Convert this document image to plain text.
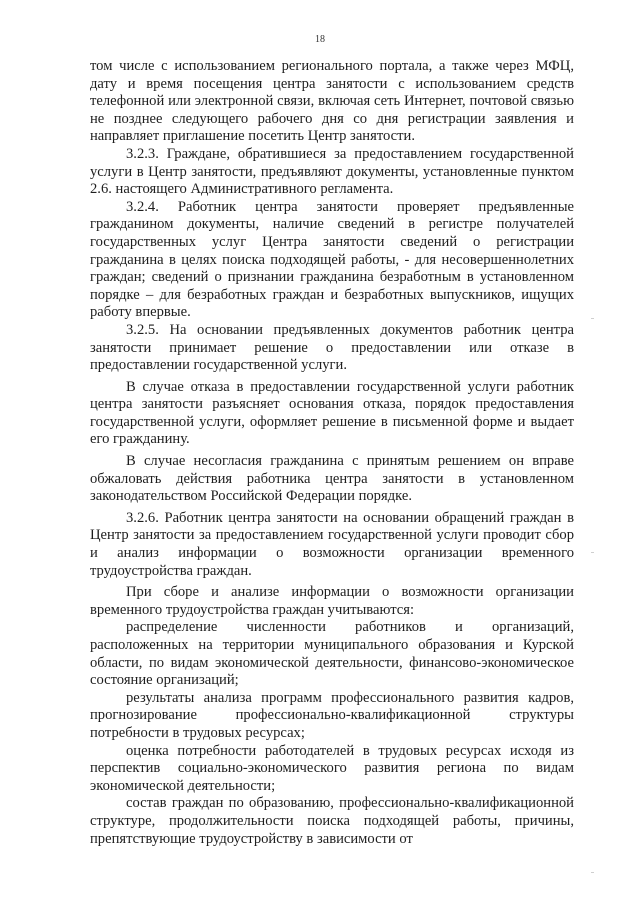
18

том числе с использованием регионального портала, а также через МФЦ, дату и время посещения центра занятости с использованием средств телефонной или электронной связи, включая сеть Интернет, почтовой связью не позднее следующего рабочего дня со дня регистрации заявления и направляет приглашение посетить Центр занятости.

3.2.3. Граждане, обратившиеся за предоставлением государственной услуги в Центр занятости, предъявляют документы, установленные пунктом 2.6. настоящего Административного регламента.

3.2.4. Работник центра занятости проверяет предъявленные гражданином документы, наличие сведений в регистре получателей государственных услуг Центра занятости сведений о регистрации гражданина в целях поиска подходящей работы, - для несовершеннолетних граждан; сведений о признании гражданина безработным в установленном порядке – для безработных граждан и безработных выпускников, ищущих работу впервые.

3.2.5. На основании предъявленных документов работник центра занятости принимает решение о предоставлении или отказе в предоставлении государственной услуги.

В случае отказа в предоставлении государственной услуги работник центра занятости разъясняет основания отказа, порядок предоставления государственной услуги, оформляет решение в письменной форме и выдает его гражданину.

В случае несогласия гражданина с принятым решением он вправе обжаловать действия работника центра занятости в установленном законодательством Российской Федерации порядке.

3.2.6. Работник центра занятости на основании обращений граждан в Центр занятости за предоставлением государственной услуги проводит сбор и анализ информации о возможности организации временного трудоустройства граждан.

При сборе и анализе информации о возможности организации временного трудоустройства граждан учитываются:

распределение численности работников и организаций, расположенных на территории муниципального образования и Курской области, по видам экономической деятельности, финансово-экономическое состояние организаций;

результаты анализа программ профессионального развития кадров, прогнозирование профессионально-квалификационной структуры потребности в трудовых ресурсах;

оценка потребности работодателей в трудовых ресурсах исходя из перспектив социально-экономического развития региона по видам экономической деятельности;

состав граждан по образованию, профессионально-квалификационной структуре, продолжительности поиска подходящей работы, причины, препятствующие трудоустройству в зависимости от
